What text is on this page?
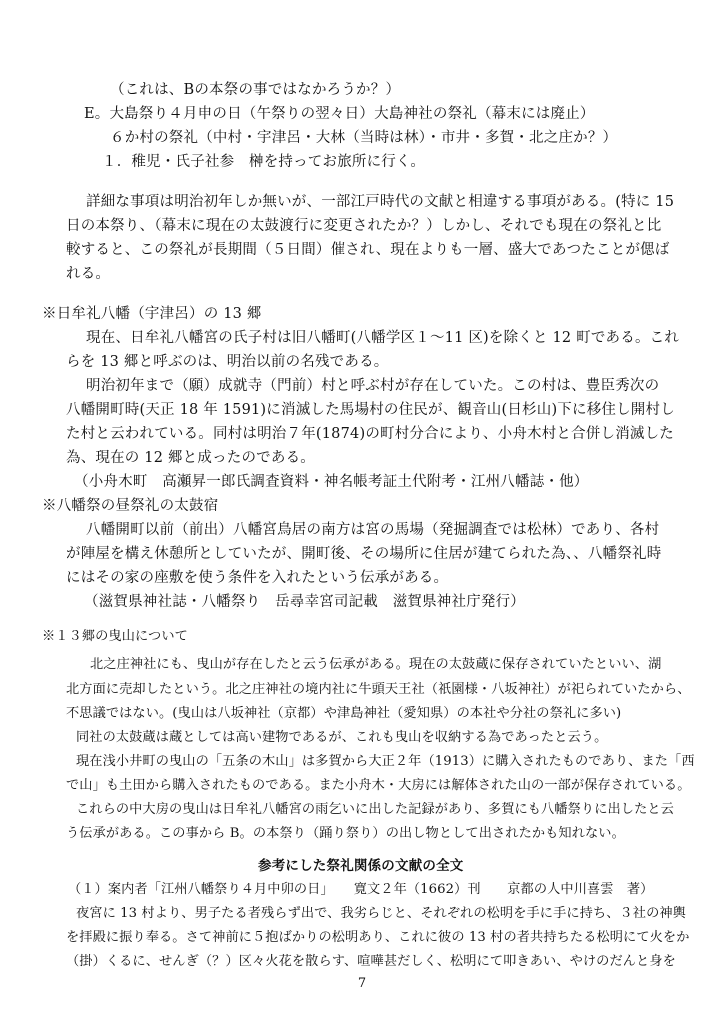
（これは、Bの本祭の事ではなかろうか？）
E。大島祭り４月申の日（午祭りの翌々日）大島神社の祭礼（幕末には廃止）
６か村の祭礼（中村・宇津呂・大林（当時は林）・市井・多賀・北之庄か？）
１．稚児・氏子社参　榊を持ってお旅所に行く。
詳細な事項は明治初年しか無いが、一部江戸時代の文献と相違する事項がある。(特に 15
日の本祭り、（幕末に現在の太鼓渡行に変更されたか？）しかし、それでも現在の祭礼と比
較すると、この祭礼が長期間（５日間）催され、現在よりも一層、盛大であつたことが偲ば
れる。
※日牟礼八幡（宇津呂）の 13 郷
現在、日牟礼八幡宮の氏子村は旧八幡町(八幡学区１～11 区)を除くと 12 町である。これ
らを 13 郷と呼ぶのは、明治以前の名残である。
明治初年まで（願）成就寺（門前）村と呼ぶ村が存在していた。この村は、豊臣秀次の
八幡開町時(天正 18 年 1591)に消滅した馬場村の住民が、観音山(日杉山)下に移住し開村し
た村と云われている。同村は明治７年(1874)の町村分合により、小舟木村と合併し消滅した
為、現在の 12 郷と成ったのである。
（小舟木町　高瀬昇一郎氏調査資料・神名帳考証土代附考・江州八幡誌・他）
※八幡祭の昼祭礼の太鼓宿
八幡開町以前（前出）八幡宮鳥居の南方は宮の馬場（発掘調査では松林）であり、各村
が陣屋を構え休憩所としていたが、開町後、その場所に住居が建てられた為、、八幡祭礼時
にはその家の座敷を使う条件を入れたという伝承がある。
（滋賀県神社誌・八幡祭り　岳尋幸宮司記載　滋賀県神社庁発行）
※１３郷の曳山について
北之庄神社にも、曳山が存在したと云う伝承がある。現在の太鼓蔵に保存されていたといい、湖
北方面に売却したという。北之庄神社の境内社に牛頭天王社（祇園様・八坂神社）が祀られていたから、
不思議ではない。(曳山は八坂神社（京都）や津島神社（愛知県）の本社や分社の祭礼に多い)
同社の太鼓蔵は蔵としては高い建物であるが、これも曳山を収納する為であったと云う。
現在浅小井町の曳山の「五条の木山」は多賀から大正２年（1913）に購入されたものであり、また「西
で山」も土田から購入されたものである。また小舟木・大房には解体された山の一部が保存されている。
これらの中大房の曳山は日牟礼八幡宮の雨乞いに出した記録があり、多賀にも八幡祭りに出したと云
う伝承がある。この事から B。の本祭り（踊り祭り）の出し物として出されたかも知れない。
参考にした祭礼関係の文献の全文
（１）案内者「江州八幡祭り４月中卯の日」　　寛文２年（1662）刊　　京都の人中川喜雲　著）
夜宮に 13 村より、男子たる者残らず出で、我劣らじと、それぞれの松明を手に手に持ち、３社の神輿
を拝殿に振り奉る。さて神前に５抱ばかりの松明あり、これに彼の 13 村の者共持ちたる松明にて火をか
（掛）くるに、せんぎ（？）区々火花を散らす、喧嘩甚だしく、松明にて叩きあい、やけのだんと身を
7
